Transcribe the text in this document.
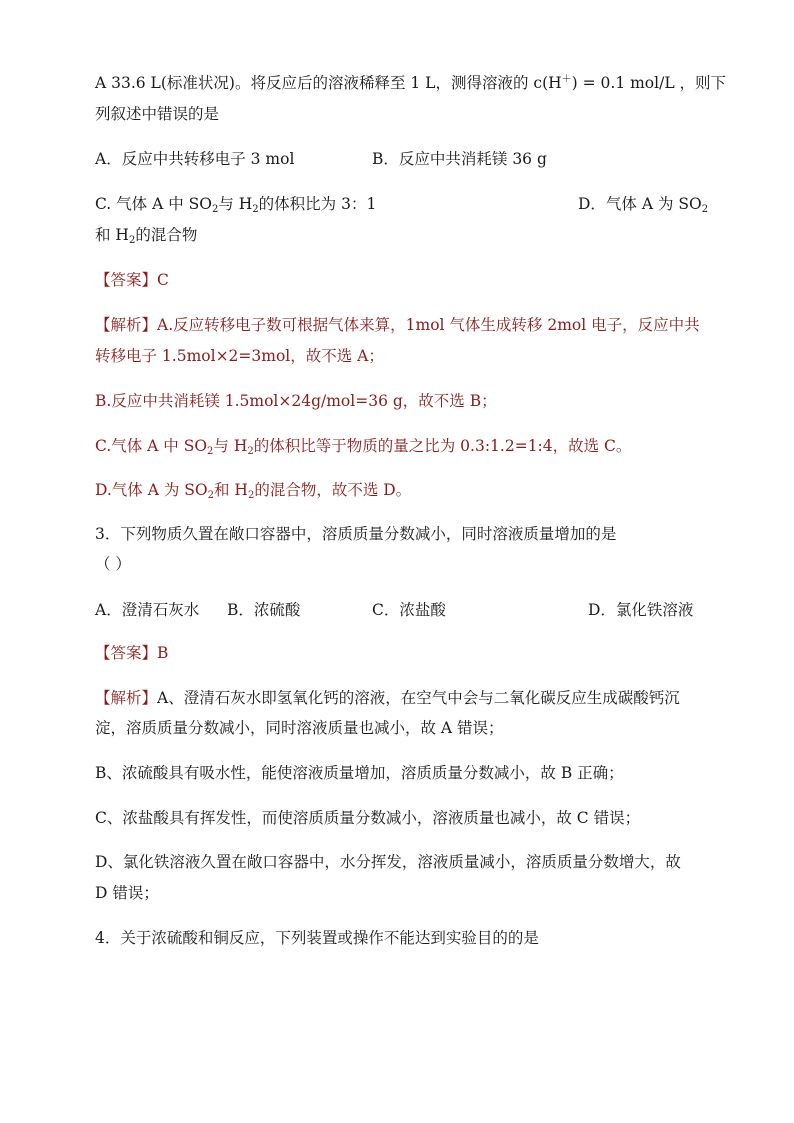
A 33.6 L(标准状况)。将反应后的溶液稀释至 1 L，测得溶液的 c(H＋) = 0.1 mol/L ，则下
列叙述中错误的是
A．反应中共转移电子 3 mol	B．反应中共消耗镁 36 g
C. 气体 A 中 $SO_2$与 $H_2$的体积比为 3：1	D．气体 A 为 $SO_2$
和 $H_2$的混合物
【答案】C
【解析】A.反应转移电子数可根据气体来算，1mol 气体生成转移 2mol 电子，反应中共
转移电子 1.5mol×2=3mol，故不选 A；
B.反应中共消耗镁 1.5mol×24g/mol=36 g，故不选 B；
C.气体 A 中 $SO_2$与 $H_2$的体积比等于物质的量之比为 0.3:1.2=1:4，故选 C。
D.气体 A 为 $SO_2$和 $H_2$的混合物，故不选 D。
3．下列物质久置在敞口容器中，溶质质量分数减小，同时溶液质量增加的是
（ ）
A．澄清石灰水 B．浓硫酸	C．浓盐酸	D．氯化铁溶液
【答案】B
【解析】A、澄清石灰水即氢氧化钙的溶液，在空气中会与二氧化碳反应生成碳酸钙沉
淀，溶质质量分数减小，同时溶液质量也减小，故 A 错误；
B、浓硫酸具有吸水性，能使溶液质量增加，溶质质量分数减小，故 B 正确；
C、浓盐酸具有挥发性，而使溶质质量分数减小，溶液质量也减小，故 C 错误；
D、氯化铁溶液久置在敞口容器中，水分挥发，溶液质量减小，溶质质量分数增大，故
D 错误；
4．关于浓硫酸和铜反应，下列装置或操作不能达到实验目的的是
